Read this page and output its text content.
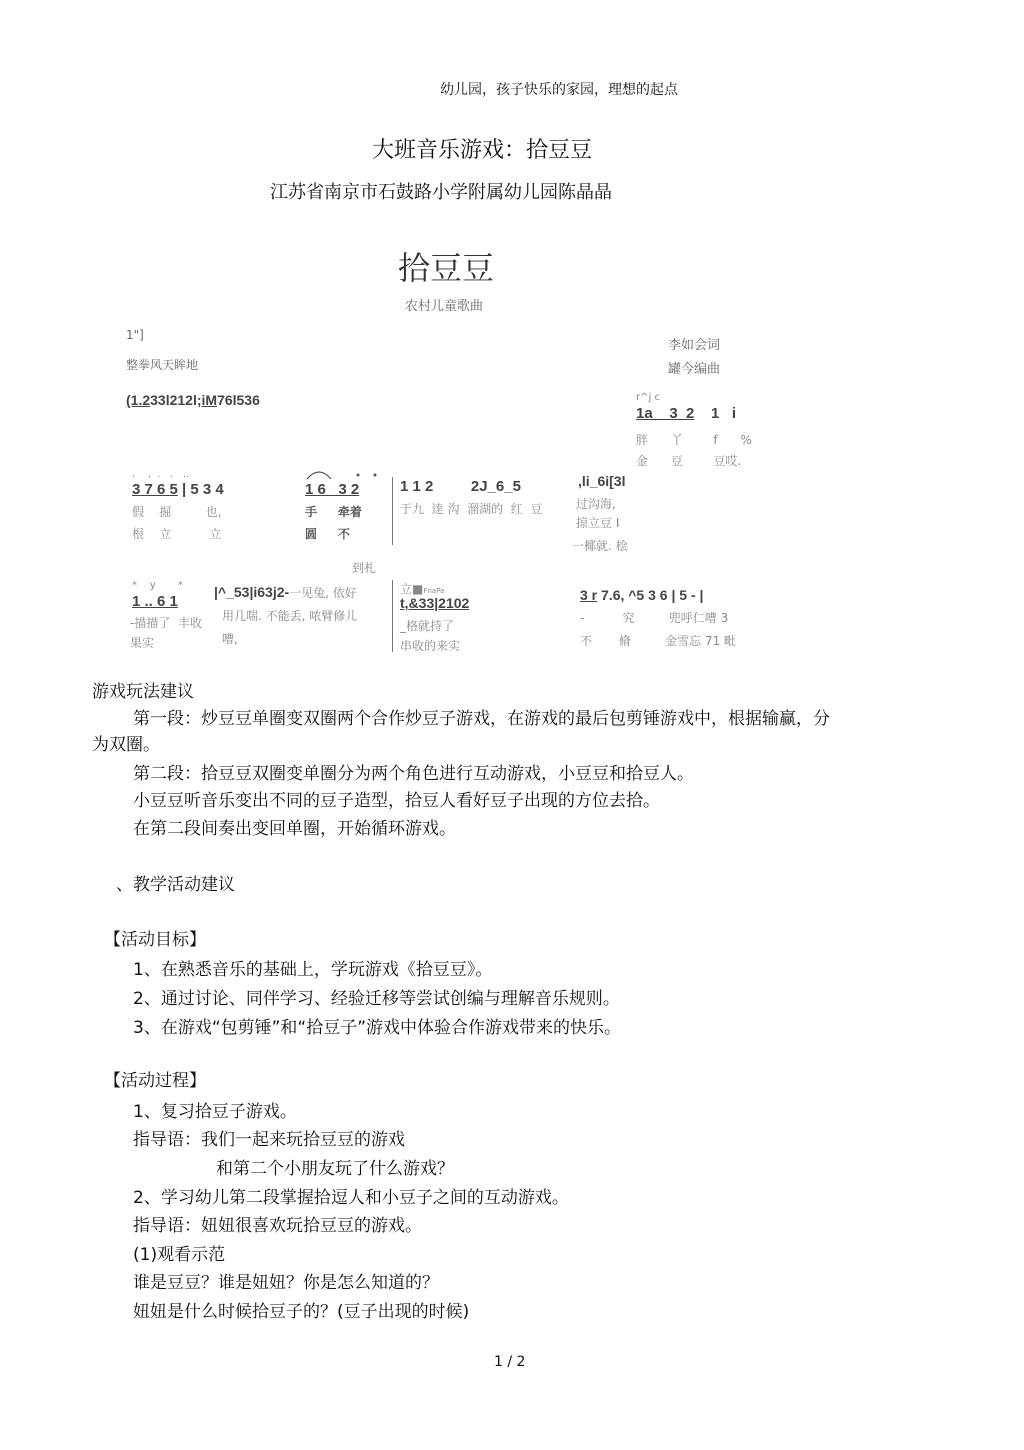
幼儿园，孩子快乐的家园，理想的起点
大班音乐游戏：拾豆豆
江苏省南京市石鼓路小学附属幼儿园陈晶晶
拾豆豆
农村儿童歌曲
1"]
整拳风天眸地
李如会词
罐今编曲
(1.233l212l;iM76l536	r^j c
1a    3  2    1   i
胖      丫        f      %
金      豆        豆哎.
.    ,  .   .   ..
3 7 6 5 | 5 3 4
假    掘         也,
根    立          立
1 6   3 2
手     牵着
圆     不
1 1 2         2J_6_5
于九  逹 沟  溜湖的  红  豆
,li_6i[3l
过沟海,
掠立豆 I
一椰就. 桧
到札
*    y       *
1 .. 6 1
-描描了  丰收
果实
|^_53|i63j2-一见兔, 依好
用几喘. 不能丢, 哝臂修儿
嘈,
立■FnaPa
t,&33|2102
_格就持了
串收的来实
3 r 7.6, ^5 3 6 | 5 - |
-          究         兜呼仁嘈 3
不       脩         金雪忘 71 毗
游戏玩法建议
第一段：炒豆豆单圈变双圈两个合作炒豆子游戏，在游戏的最后包剪锤游戏中，根据输赢，分
为双圈。
第二段：拾豆豆双圈变单圈分为两个角色进行互动游戏，小豆豆和拾豆人。
小豆豆听音乐变出不同的豆子造型，拾豆人看好豆子出现的方位去拾。
在第二段间奏出变回单圈，开始循环游戏。
、教学活动建议
【活动目标】
1、在熟悉音乐的基础上，学玩游戏《拾豆豆》。
2、通过讨论、同伴学习、经验迁移等尝试创编与理解音乐规则。
3、在游戏“包剪锤”和“拾豆子”游戏中体验合作游戏带来的快乐。
【活动过程】
1、复习拾豆子游戏。
指导语：我们一起来玩拾豆豆的游戏
和第二个小朋友玩了什么游戏？
2、学习幼儿第二段掌握拾逗人和小豆子之间的互动游戏。
指导语：妞妞很喜欢玩拾豆豆的游戏。
(1)观看示范
谁是豆豆？谁是妞妞？你是怎么知道的？
妞妞是什么时候拾豆子的？(豆子出现的时候)
1 / 2
